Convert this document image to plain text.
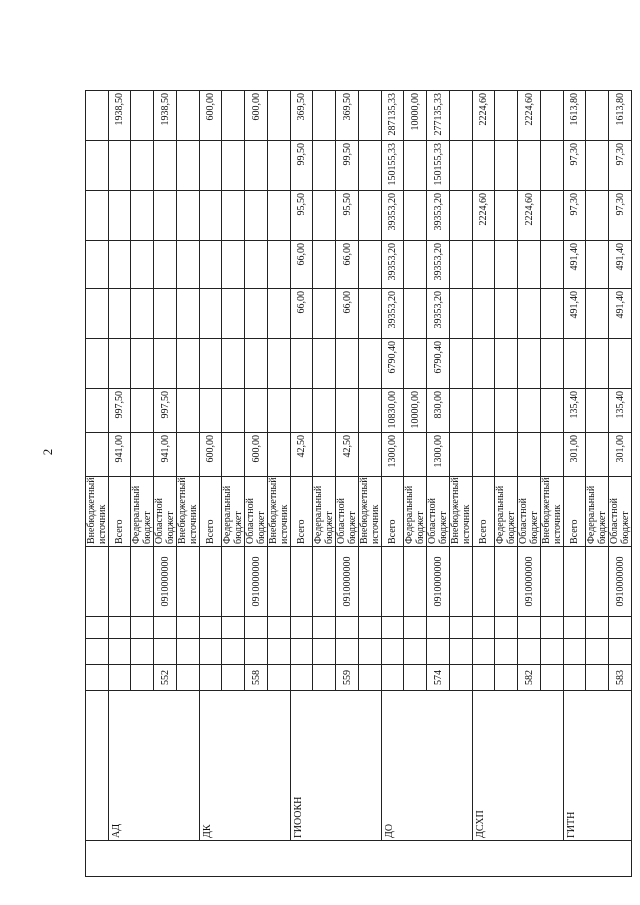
2
						Внебюджетный источник								
	АД					Всего	941,00	997,50						1938,50
						Федеральный бюджет								
		552			0910000000	Областной бюджет	941,00	997,50						1938,50
						Внебюджетный источник								
	ДК					Всего	600,00							600,00
						Федеральный бюджет								
		558			0910000000	Областной бюджет	600,00							600,00
						Внебюджетный источник								
	ГИООКН					Всего	42,50			66,00	66,00	95,50	99,50	369,50
						Федеральный бюджет								
		559			0910000000	Областной бюджет	42,50			66,00	66,00	95,50	99,50	369,50
						Внебюджетный источник								
	ДО					Всего	1300,00	10830,00	6790,40	39353,20	39353,20	39353,20	150155,33	287135,33
						Федеральный бюджет		10000,00						10000,00
		574			0910000000	Областной бюджет	1300,00	830,00	6790,40	39353,20	39353,20	39353,20	150155,33	277135,33
						Внебюджетный источник								
	ДСХП					Всего						2224,60		2224,60
						Федеральный бюджет								
		582			0910000000	Областной бюджет						2224,60		2224,60
						Внебюджетный источник								
	ГИТН					Всего	301,00	135,40		491,40	491,40	97,30	97,30	1613,80
						Федеральный бюджет								
		583			0910000000	Областной бюджет	301,00	135,40		491,40	491,40	97,30	97,30	1613,80
